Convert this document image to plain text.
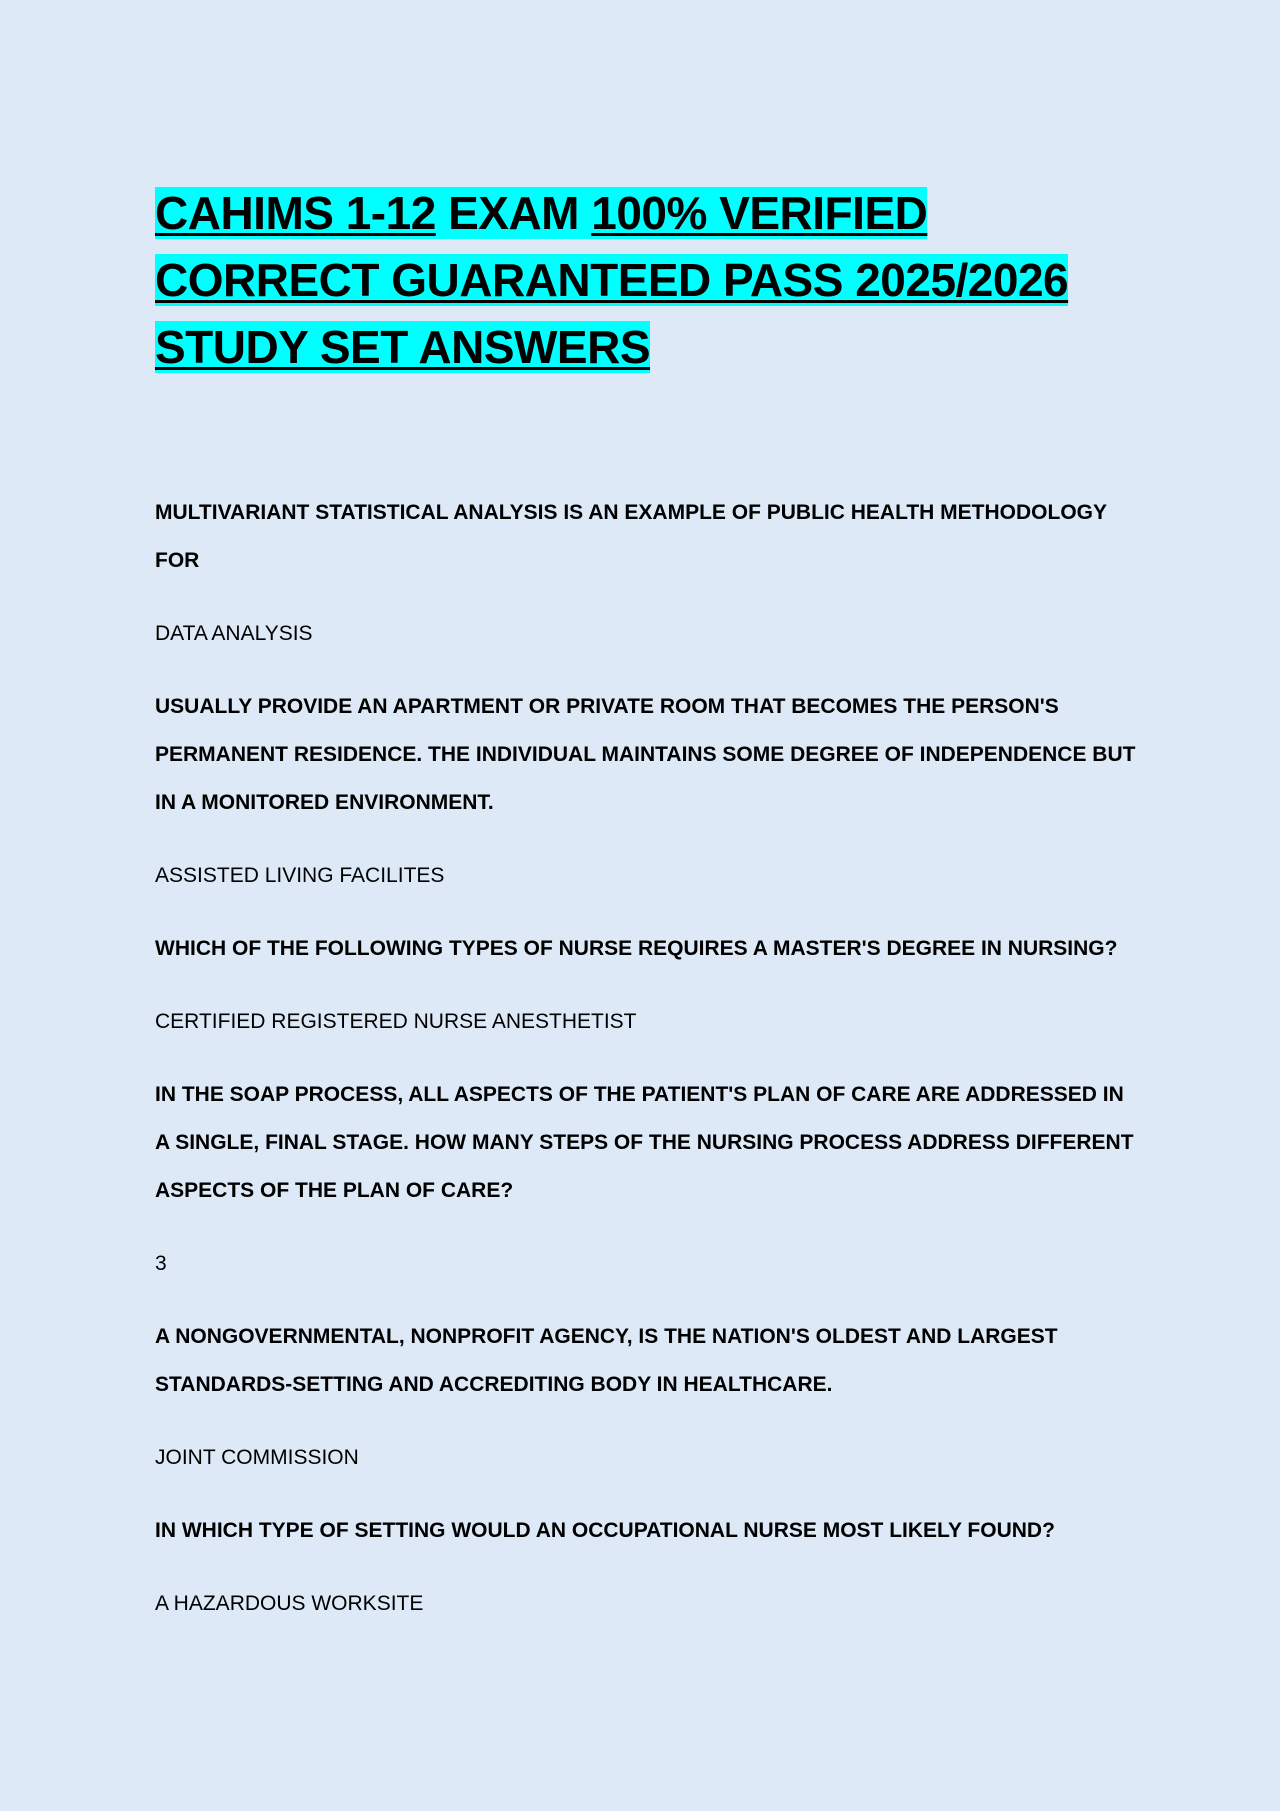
CAHIMS 1-12 EXAM 100% VERIFIED CORRECT GUARANTEED PASS 2025/2026 STUDY SET ANSWERS

MULTIVARIANT STATISTICAL ANALYSIS IS AN EXAMPLE OF PUBLIC HEALTH METHODOLOGY FOR

DATA ANALYSIS

USUALLY PROVIDE AN APARTMENT OR PRIVATE ROOM THAT BECOMES THE PERSON'S PERMANENT RESIDENCE. THE INDIVIDUAL MAINTAINS SOME DEGREE OF INDEPENDENCE BUT IN A MONITORED ENVIRONMENT.

ASSISTED LIVING FACILITES

WHICH OF THE FOLLOWING TYPES OF NURSE REQUIRES A MASTER'S DEGREE IN NURSING?

CERTIFIED REGISTERED NURSE ANESTHETIST

IN THE SOAP PROCESS, ALL ASPECTS OF THE PATIENT'S PLAN OF CARE ARE ADDRESSED IN A SINGLE, FINAL STAGE. HOW MANY STEPS OF THE NURSING PROCESS ADDRESS DIFFERENT ASPECTS OF THE PLAN OF CARE?

3

A NONGOVERNMENTAL, NONPROFIT AGENCY, IS THE NATION'S OLDEST AND LARGEST STANDARDS-SETTING AND ACCREDITING BODY IN HEALTHCARE.

JOINT COMMISSION

IN WHICH TYPE OF SETTING WOULD AN OCCUPATIONAL NURSE MOST LIKELY FOUND?

A HAZARDOUS WORKSITE
